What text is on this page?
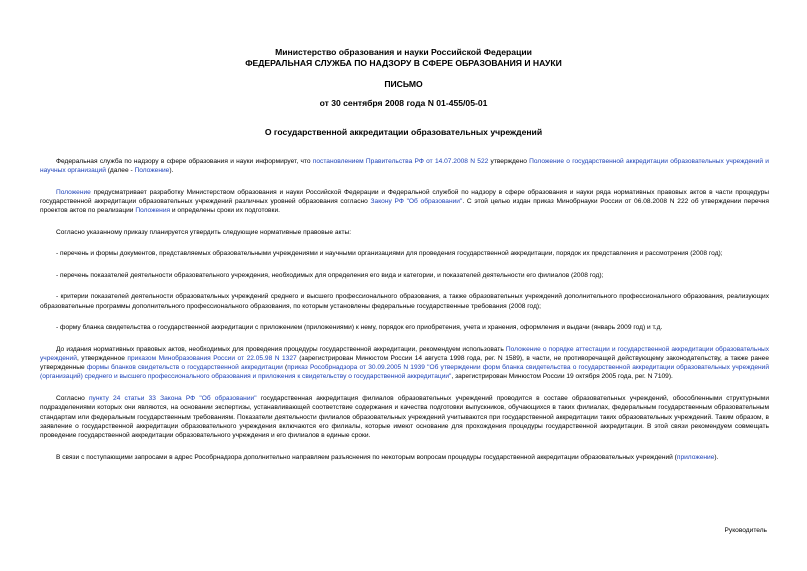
Министерство образования и науки Российской Федерации
ФЕДЕРАЛЬНАЯ СЛУЖБА ПО НАДЗОРУ В СФЕРЕ ОБРАЗОВАНИЯ И НАУКИ
ПИСЬМО
от 30 сентября 2008 года N 01-455/05-01
О государственной аккредитации образовательных учреждений

Федеральная служба по надзору в сфере образования и науки информирует, что постановлением Правительства РФ от 14.07.2008 N 522 утверждено Положение о государственной аккредитации образовательных учреждений и научных организаций (далее - Положение).

Положение предусматривает разработку Министерством образования и науки Российской Федерации и Федеральной службой по надзору в сфере образования и науки ряда нормативных правовых актов в части процедуры государственной аккредитации образовательных учреждений различных уровней образования согласно Закону РФ "Об образовании". С этой целью издан приказ Минобрнауки России от 06.08.2008 N 222 об утверждении перечня проектов актов по реализации Положения и определены сроки их подготовки.

Согласно указанному приказу планируется утвердить следующие нормативные правовые акты:

- перечень и формы документов, представляемых образовательными учреждениями и научными организациями для проведения государственной аккредитации, порядок их представления и рассмотрения (2008 год);

- перечень показателей деятельности образовательного учреждения, необходимых для определения его вида и категории, и показателей деятельности его филиалов (2008 год);

- критерии показателей деятельности образовательных учреждений среднего и высшего профессионального образования, а также образовательных учреждений дополнительного профессионального образования, реализующих образовательные программы дополнительного профессионального образования, по которым установлены федеральные государственные требования (2008 год);

- форму бланка свидетельства о государственной аккредитации с приложением (приложениями) к нему, порядок его приобретения, учета и хранения, оформления и выдачи (январь 2009 год) и т.д.

До издания нормативных правовых актов, необходимых для проведения процедуры государственной аккредитации, рекомендуем использовать Положение о порядке аттестации и государственной аккредитации образовательных учреждений, утвержденное приказом Минобразования России от 22.05.98 N 1327 (зарегистрирован Минюстом России 14 августа 1998 года, рег. N 1589), в части, не противоречащей действующему законодательству, а также ранее утвержденные формы бланков свидетельств о государственной аккредитации (приказ Рособрнадзора от 30.09.2005 N 1939 "Об утверждении форм бланка свидетельства о государственной аккредитации образовательных учреждений (организаций) среднего и высшего профессионального образования и приложения к свидетельству о государственной аккредитации", зарегистрирован Минюстом России 19 октября 2005 года, рег. N 7109).

Согласно пункту 24 статьи 33 Закона РФ "Об образовании" государственная аккредитация филиалов образовательных учреждений проводится в составе образовательных учреждений, обособленными структурными подразделениями которых они являются, на основании экспертизы, устанавливающей соответствие содержания и качества подготовки выпускников, обучающихся в таких филиалах, федеральным государственным образовательным стандартам или федеральным государственным требованиям. Показатели деятельности филиалов образовательных учреждений учитываются при государственной аккредитации таких образовательных учреждений. Таким образом, в заявление о государственной аккредитации образовательного учреждения включаются его филиалы, которые имеют основание для прохождения процедуры государственной аккредитации. В этой связи рекомендуем совмещать проведение государственной аккредитации образовательного учреждения и его филиалов в единые сроки.

В связи с поступающими запросами в адрес Рособрнадзора дополнительно направляем разъяснения по некоторым вопросам процедуры государственной аккредитации образовательных учреждений (приложение).

Руководитель
